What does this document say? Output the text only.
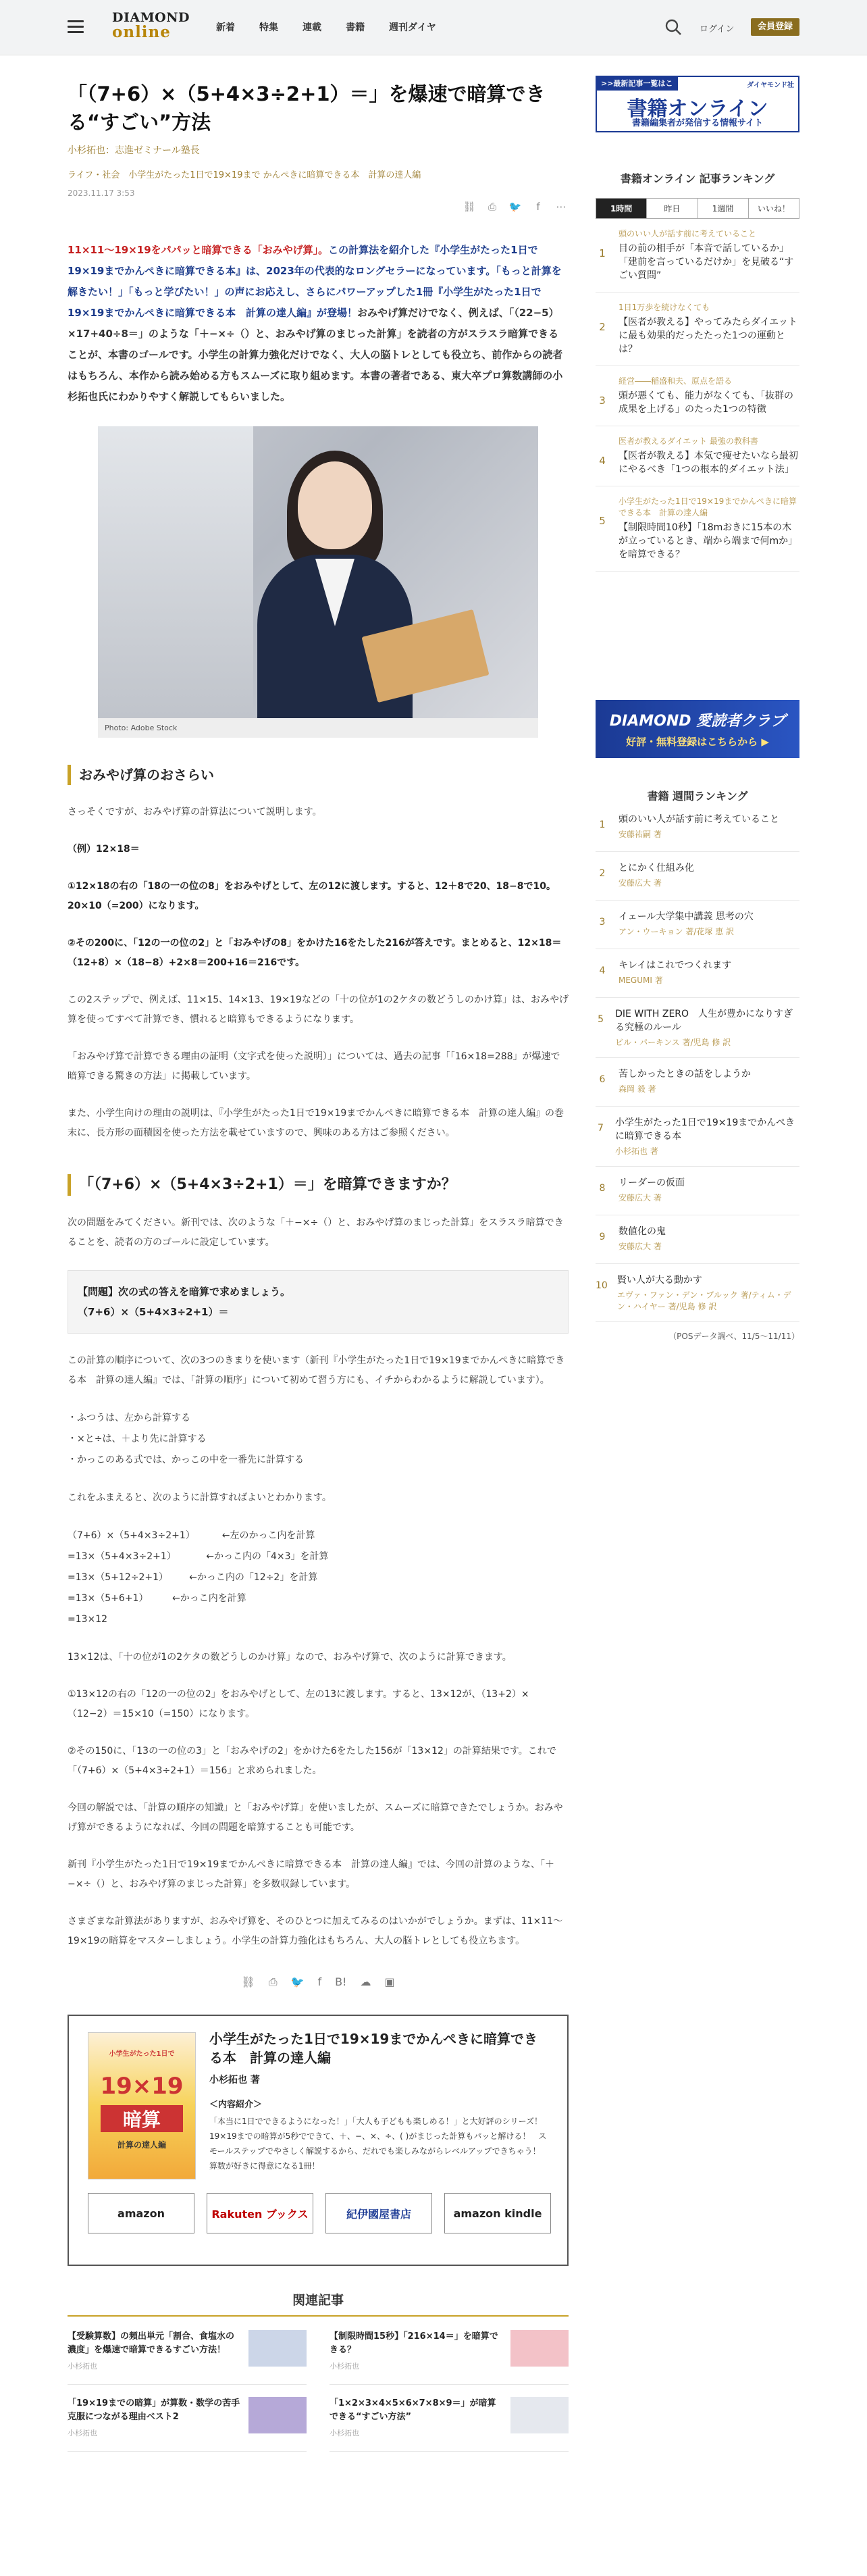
DIAMOND
online	新着	特集	連載	書籍	週刊ダイヤ	ログイン	会員登録
「（7+6）×（5+4×3÷2+1）＝」を爆速で暗算できる“すごい”方法
小杉拓也：志進ゼミナール塾長
ライフ・社会　小学生がたった1日で19×19まで かんぺきに暗算できる本　計算の達人編
2023.11.17 3:53
⛓	⎙	🐦	f	⋯
11×11〜19×19をパパッと暗算できる「おみやげ算」。この計算法を紹介した『小学生がたった1日で19×19までかんぺきに暗算できる本』は、2023年の代表的なロングセラーになっています。「もっと計算を解きたい！」「もっと学びたい！」の声にお応えし、さらにパワーアップした1冊『小学生がたった1日で19×19までかんぺきに暗算できる本　計算の達人編』が登場！おみやげ算だけでなく、例えば、「（22−5）×17+40÷8＝」のような「＋−×÷（）と、おみやげ算のまじった計算」を読者の方がスラスラ暗算できることが、本書のゴールです。小学生の計算力強化だけでなく、大人の脳トレとしても役立ち、前作からの読者はもちろん、本作から読み始める方もスムーズに取り組めます。本書の著者である、東大卒プロ算数講師の小杉拓也氏にわかりやすく解説してもらいました。
Photo: Adobe Stock
おみやげ算のおさらい

さっそくですが、おみやげ算の計算法について説明します。

（例）12×18＝

①12×18の右の「18の一の位の8」をおみやげとして、左の12に渡します。すると、12＋8で20、18−8で10。20×10（=200）になります。

②その200に、「12の一の位の2」と「おみやげの8」をかけた16をたした216が答えです。まとめると、12×18＝（12+8）×（18−8）+2×8＝200+16＝216です。

この2ステップで、例えば、11×15、14×13、19×19などの「十の位が1の2ケタの数どうしのかけ算」は、おみやげ算を使ってすべて計算でき、慣れると暗算もできるようになります。

「おみやげ算で計算できる理由の証明（文字式を使った説明）」については、過去の記事「「16×18=288」が爆速で暗算できる驚きの方法」に掲載しています。

また、小学生向けの理由の説明は、『小学生がたった1日で19×19までかんぺきに暗算できる本　計算の達人編』の巻末に、長方形の面積図を使った方法を載せていますので、興味のある方はご参照ください。

「（7+6）×（5+4×3÷2+1）＝」を暗算できますか？

次の問題をみてください。新刊では、次のような「＋−×÷（）と、おみやげ算のまじった計算」をスラスラ暗算できることを、読者の方のゴールに設定しています。

【問題】次の式の答えを暗算で求めましょう。
（7+6）×（5+4×3÷2+1）＝

この計算の順序について、次の3つのきまりを使います（新刊『小学生がたった1日で19×19までかんぺきに暗算できる本　計算の達人編』では、「計算の順序」について初めて習う方にも、イチからわかるように解説しています）。

・ふつうは、左から計算する
・×と÷は、＋より先に計算する
・かっこのある式では、かっこの中を一番先に計算する

これをふまえると、次のように計算すればよいとわかります。

（7+6）×（5+4×3÷2+1）         ←左のかっこ内を計算
=13×（5+4×3÷2+1）          ←かっこ内の「4×3」を計算
=13×（5+12÷2+1）       ←かっこ内の「12÷2」を計算
=13×（5+6+1）        ←かっこ内を計算
=13×12

13×12は、「十の位が1の2ケタの数どうしのかけ算」なので、おみやげ算で、次のように計算できます。

①13×12の右の「12の一の位の2」をおみやげとして、左の13に渡します。すると、13×12が、（13+2）×（12−2）＝15×10（=150）になります。

②その150に、「13の一の位の3」と「おみやげの2」をかけた6をたした156が「13×12」の計算結果です。これで「（7+6）×（5+4×3÷2+1）＝156」と求められました。

今回の解説では、「計算の順序の知識」と「おみやげ算」を使いましたが、スムーズに暗算できたでしょうか。おみやげ算ができるようになれば、今回の問題を暗算することも可能です。

新刊『小学生がたった1日で19×19までかんぺきに暗算できる本　計算の達人編』では、今回の計算のような、「＋−×÷（）と、おみやげ算のまじった計算」を多数収録しています。

さまざまな計算法がありますが、おみやげ算を、そのひとつに加えてみるのはいかがでしょうか。まずは、11×11〜19×19の暗算をマスターしましょう。小学生の計算力強化はもちろん、大人の脳トレとしても役立ちます。

⛓ ⎙ 🐦 f B! ☁ ▣
小学生がたった1日で
19×19
暗算
計算の達人編
小学生がたった1日で19×19までかんぺきに暗算できる本　計算の達人編
小杉拓也 著
＜内容紹介＞
「本当に1日でできるようになった！」「大人も子どもも楽しめる！」と大好評のシリーズ！　19×19までの暗算が5秒でできて、＋、−、×、÷、( )がまじった計算もパッと解ける！　スモールステップでやさしく解説するから、だれでも楽しみながらレベルアップできちゃう！　算数が好きに得意になる1冊！
amazon	Rakuten ブックス	紀伊國屋書店	amazon kindle
関連記事
【受験算数】の頻出単元「割合、食塩水の濃度」を爆速で暗算できるすごい方法！
小杉拓也
【制限時間15秒】「216×14＝」を暗算できる？
小杉拓也
「19×19までの暗算」が算数・数学の苦手克服につながる理由ベスト2
小杉拓也
「1×2×3×4×5×6×7×8×9＝」が暗算できる“すごい方法”
小杉拓也
>>最新記事一覧はこちら
ダイヤモンド社
書籍オンライン
書籍編集者が発信する情報サイト
書籍オンライン 記事ランキング
1時間	昨日	1週間	いいね！
1
頭のいい人が話す前に考えていること
目の前の相手が「本音で話しているか」「建前を言っているだけか」を見破る“すごい質問”
2
1日1万歩を続けなくても
【医者が教える】やってみたらダイエットに最も効果的だったたった1つの運動とは？
3
経営――稲盛和夫、原点を語る
頭が悪くても、能力がなくても、「抜群の成果を上げる」のたった1つの特徴
4
医者が教えるダイエット 最強の教科書
【医者が教える】本気で痩せたいなら最初にやるべき「1つの根本的ダイエット法」
5
小学生がたった1日で19×19までかんぺきに暗算できる本　計算の達人編
【制限時間10秒】「18mおきに15本の木が立っているとき、端から端まで何mか」を暗算できる？
DIAMOND 愛読者クラブ
好評・無料登録はこちらから ▶
書籍 週間ランキング
1	頭のいい人が話す前に考えていること
安藤祐嗣 著
2	とにかく仕組み化
安藤広大 著
3	イェール大学集中講義 思考の穴
アン・ウーキョン 著/花塚 恵 訳
4	キレイはこれでつくれます
MEGUMI 著
5 DIE WITH ZERO　人生が豊かになりすぎる究極のルール
ビル・パーキンス 著/児島 修 訳
6	苦しかったときの話をしようか
森岡 毅 著
7 小学生がたった1日で19×19までかんぺきに暗算できる本
小杉拓也 著
8	リーダーの仮面
安藤広大 著
9	数値化の鬼
安藤広大 著
10 賢い人が大る動かす
エヴァ・ファン・デン・ブルック 著/ティム・デン・ハイヤー 著/児島 修 訳
（POSデータ調べ、11/5〜11/11）
